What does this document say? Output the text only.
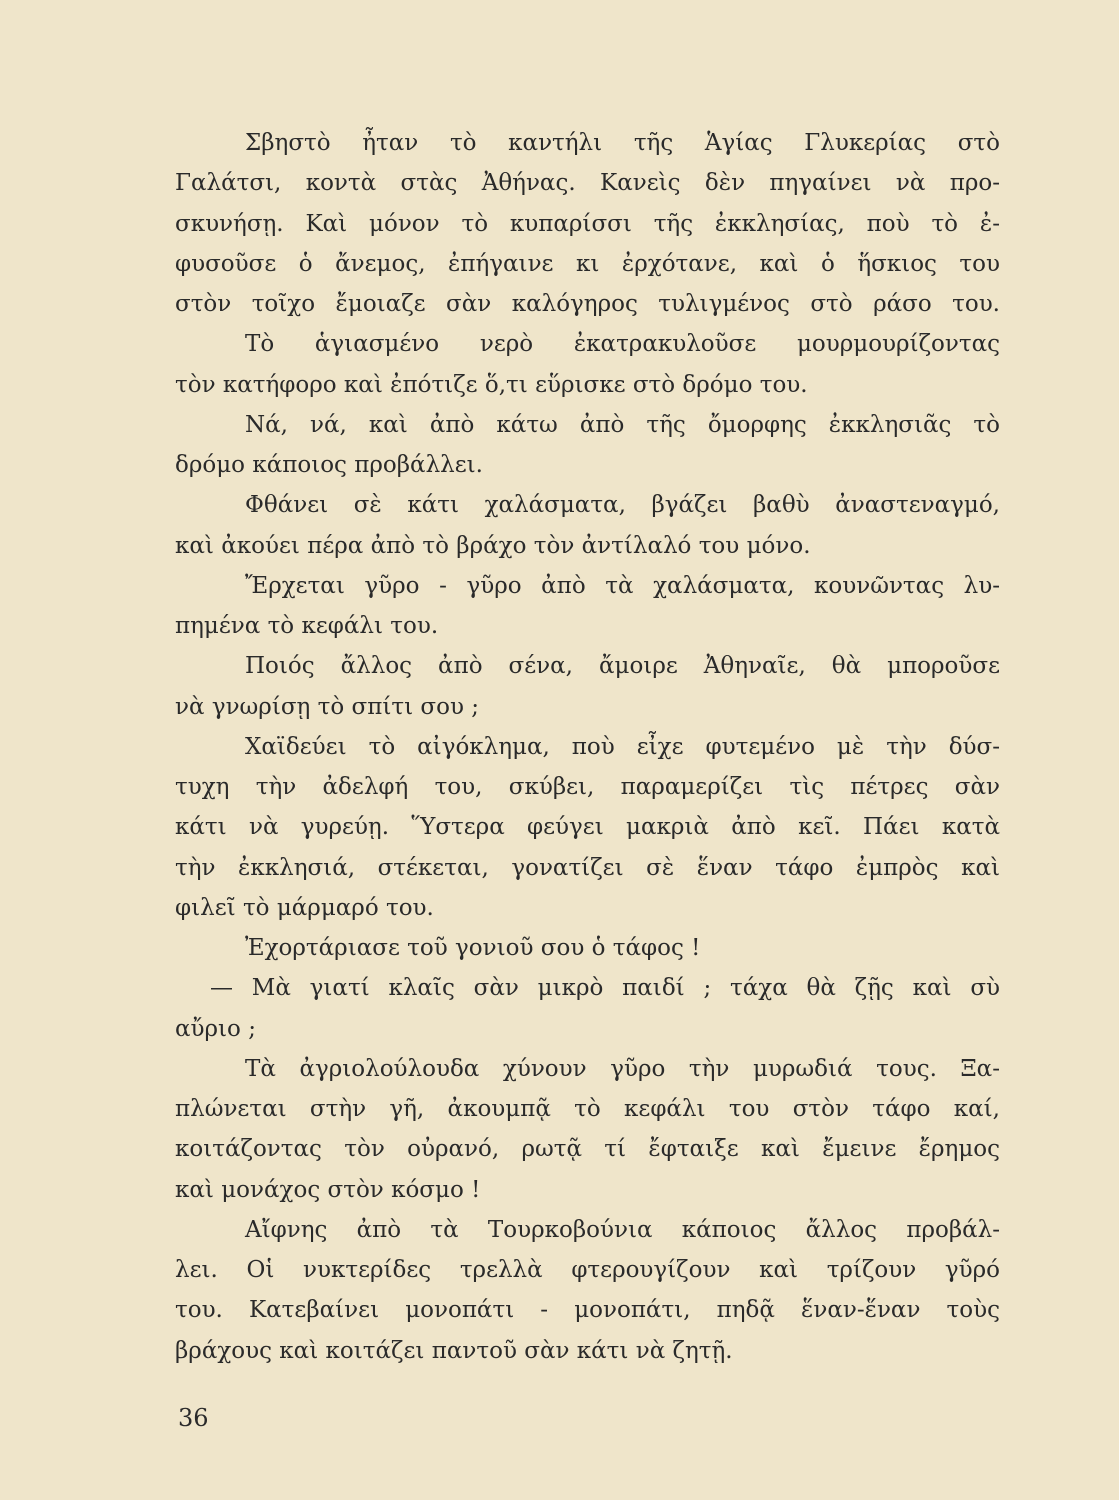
Σβηστὸ ἦταν τὸ καντήλι τῆς Ἁγίας Γλυκερίας στὸ
Γαλάτσι, κοντὰ στὰς Ἀθήνας. Κανεὶς δὲν πηγαίνει νὰ προ-
σκυνήσῃ. Καὶ μόνον τὸ κυπαρίσσι τῆς ἐκκλησίας, ποὺ τὸ ἐ-
φυσοῦσε ὁ ἄνεμος, ἐπήγαινε κι ἐρχότανε, καὶ ὁ ἥσκιος του
στὸν τοῖχο ἔμοιαζε σὰν καλόγηρος τυλιγμένος στὸ ράσο του.
Τὸ ἁγιασμένο νερὸ ἐκατρακυλοῦσε μουρμουρίζοντας
τὸν κατήφορο καὶ ἐπότιζε ὅ,τι εὕρισκε στὸ δρόμο του.
Νά, νά, καὶ ἀπὸ κάτω ἀπὸ τῆς ὄμορφης ἐκκλησιᾶς τὸ
δρόμο κάποιος προβάλλει.
Φθάνει σὲ κάτι χαλάσματα, βγάζει βαθὺ ἀναστεναγμό,
καὶ ἀκούει πέρα ἀπὸ τὸ βράχο τὸν ἀντίλαλό του μόνο.
Ἔρχεται γῦρο - γῦρο ἀπὸ τὰ χαλάσματα, κουνῶντας λυ-
πημένα τὸ κεφάλι του.
Ποιός ἄλλος ἀπὸ σένα, ἄμοιρε Ἀθηναῖε, θὰ μποροῦσε
νὰ γνωρίσῃ τὸ σπίτι σου ;
Χαϊδεύει τὸ αἰγόκλημα, ποὺ εἶχε φυτεμένο μὲ τὴν δύσ-
τυχη τὴν ἀδελφή του, σκύβει, παραμερίζει τὶς πέτρες σὰν
κάτι νὰ γυρεύῃ. Ὕστερα φεύγει μακριὰ ἀπὸ κεῖ. Πάει κατὰ
τὴν ἐκκλησιά, στέκεται, γονατίζει σὲ ἕναν τάφο ἐμπρὸς καὶ
φιλεῖ τὸ μάρμαρό του.
Ἐχορτάριασε τοῦ γονιοῦ σου ὁ τάφος !
— Μὰ γιατί κλαῖς σὰν μικρὸ παιδί ; τάχα θὰ ζῇς καὶ σὺ
αὔριο ;
Τὰ ἀγριολούλουδα χύνουν γῦρο τὴν μυρωδιά τους. Ξα-
πλώνεται στὴν γῆ, ἀκουμπᾷ τὸ κεφάλι του στὸν τάφο καί,
κοιτάζοντας τὸν οὐρανό, ρωτᾷ τί ἔφταιξε καὶ ἔμεινε ἔρημος
καὶ μονάχος στὸν κόσμο !
Αἴφνης ἀπὸ τὰ Τουρκοβούνια κάποιος ἄλλος προβάλ-
λει. Οἱ νυκτερίδες τρελλὰ φτερουγίζουν καὶ τρίζουν γῦρό
του. Κατεβαίνει μονοπάτι - μονοπάτι, πηδᾷ ἕναν-ἕναν τοὺς
βράχους καὶ κοιτάζει παντοῦ σὰν κάτι νὰ ζητῇ.
36
